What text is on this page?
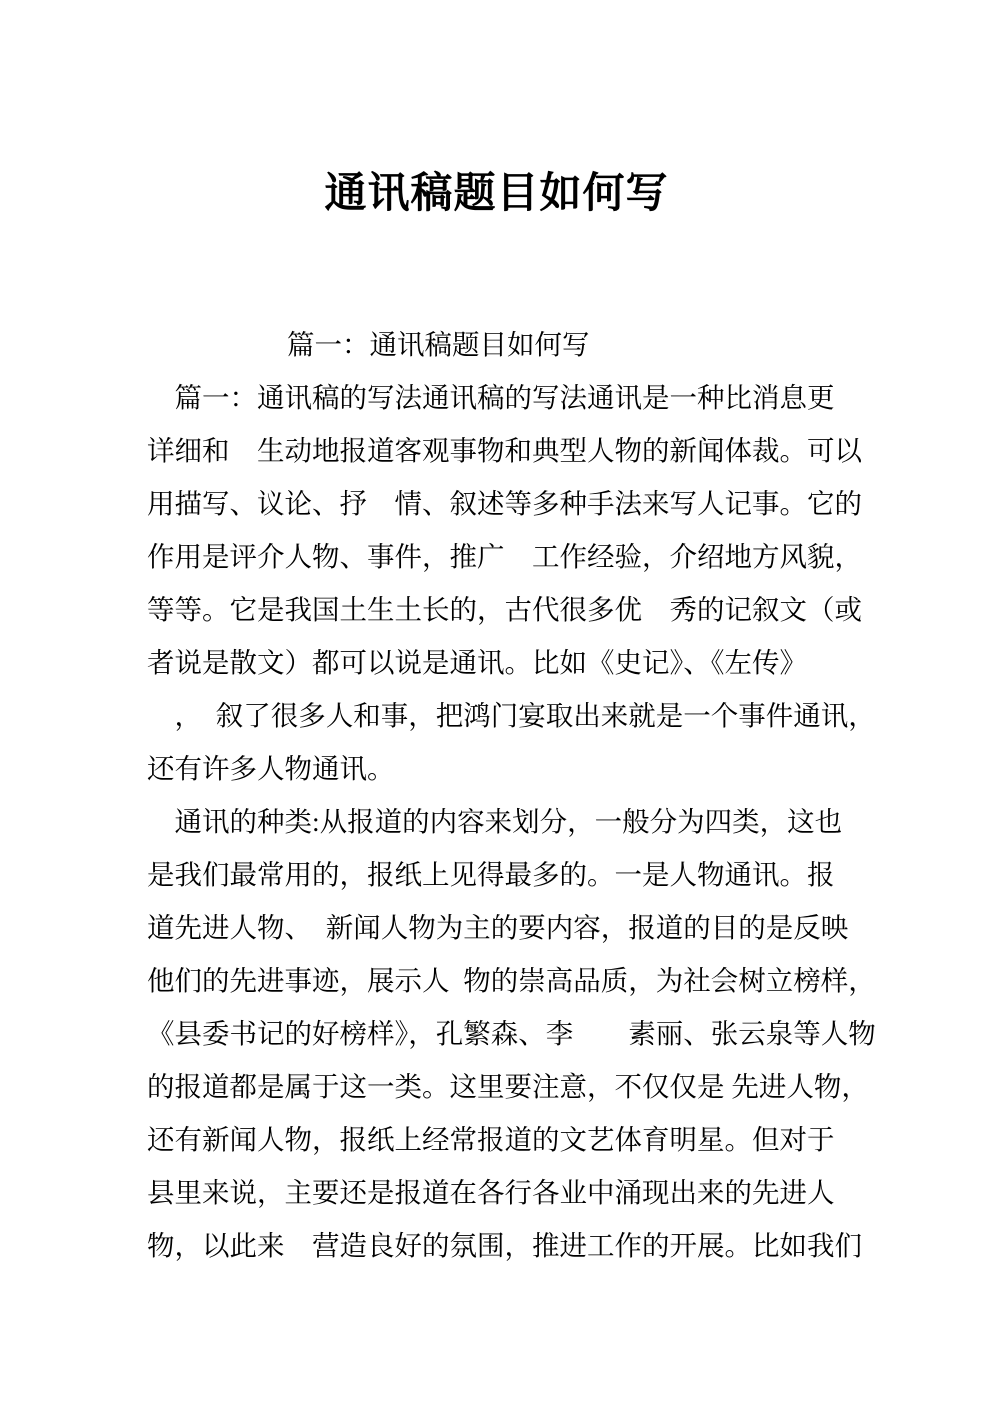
通讯稿题目如何写
篇一：通讯稿题目如何写
　篇一：通讯稿的写法通讯稿的写法通讯是一种比消息更
详细和　生动地报道客观事物和典型人物的新闻体裁。可以
用描写、议论、抒　情、叙述等多种手法来写人记事。它的
作用是评介人物、事件，推广　工作经验，介绍地方风貌，
等等。它是我国土生土长的，古代很多优　秀的记叙文（或
者说是散文）都可以说是通讯。比如《史记》、《左传》
　，　叙了很多人和事，把鸿门宴取出来就是一个事件通讯，
还有许多人物通讯。
　通讯的种类:从报道的内容来划分，一般分为四类，这也
是我们最常用的，报纸上见得最多的。一是人物通讯。报
道先进人物、　新闻人物为主的要内容，报道的目的是反映
他们的先进事迹，展示人  物的崇高品质，为社会树立榜样，
《县委书记的好榜样》，孔繁森、李　　素丽、张云泉等人物
的报道都是属于这一类。这里要注意，不仅仅是 先进人物，
还有新闻人物，报纸上经常报道的文艺体育明星。但对于
县里来说，主要还是报道在各行各业中涌现出来的先进人
物，以此来　营造良好的氛围，推进工作的开展。比如我们
